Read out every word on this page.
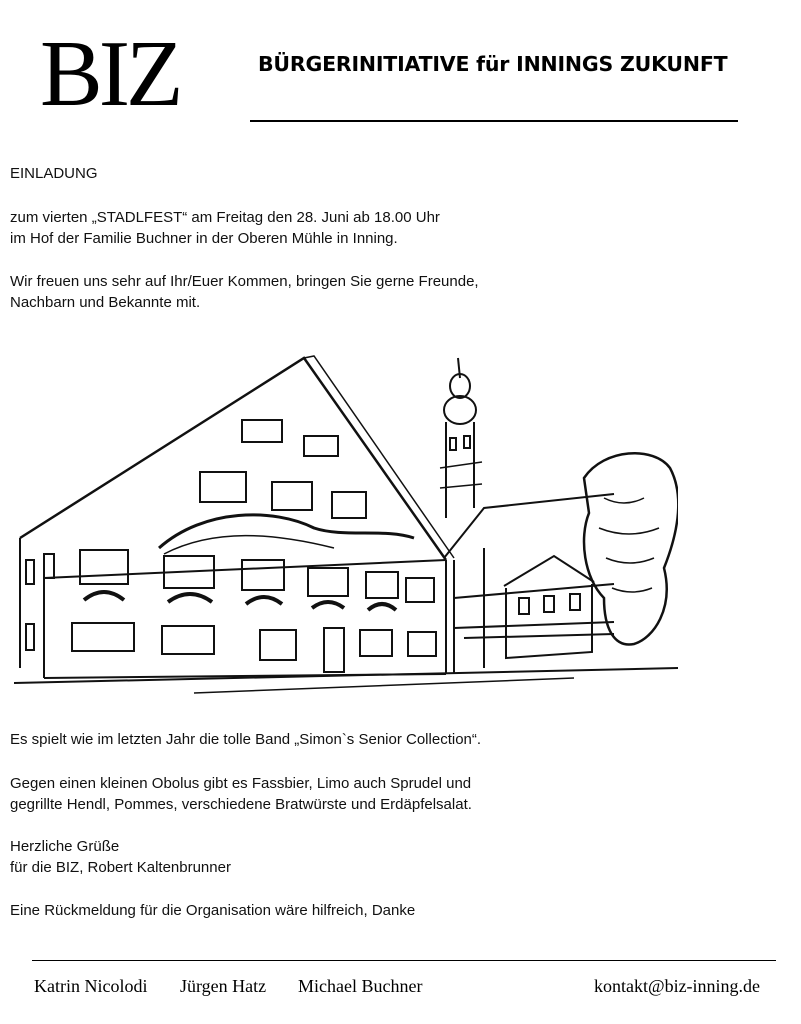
BIZ	BÜRGERINITIATIVE für INNINGS ZUKUNFT
EINLADUNG
zum vierten „STADLFEST“ am Freitag den 28. Juni ab 18.00 Uhr
im Hof der Familie Buchner in der Oberen Mühle in Inning.
Wir freuen uns sehr auf Ihr/Euer Kommen, bringen Sie gerne Freunde,
Nachbarn und Bekannte mit.
Es spielt wie im letzten Jahr die tolle Band „Simon`s Senior Collection“.
Gegen einen kleinen Obolus gibt es Fassbier, Limo auch Sprudel und
gegrillte Hendl, Pommes, verschiedene Bratwürste und Erdäpfelsalat.
Herzliche Grüße
für die BIZ, Robert Kaltenbrunner
Eine Rückmeldung für die Organisation wäre hilfreich, Danke
Katrin Nicolodi Jürgen Hatz Michael Buchner	kontakt@biz-inning.de
